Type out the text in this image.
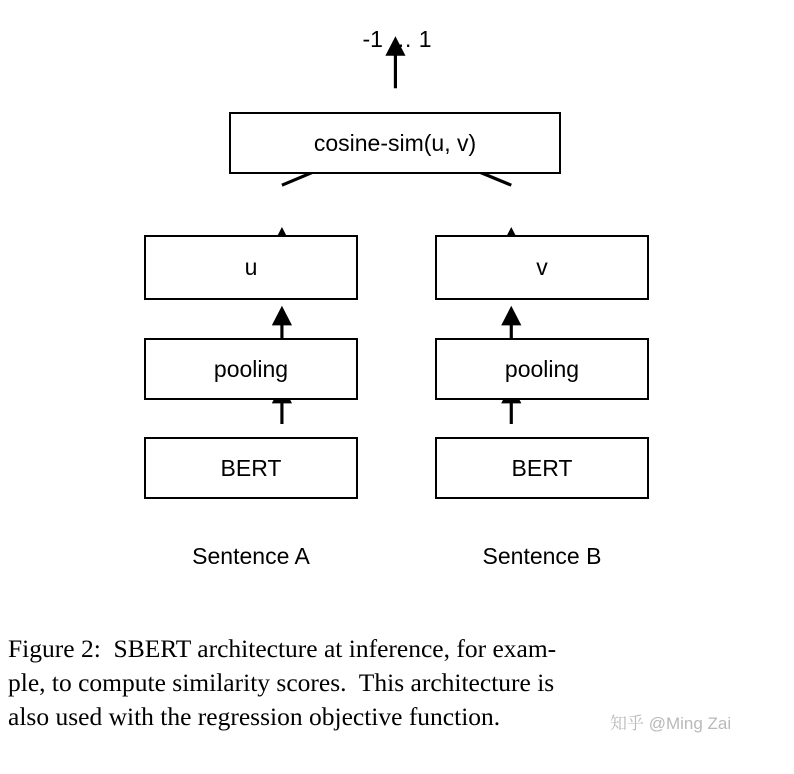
-1 … 1
cosine-sim(u, v)
u	v
pooling	pooling
BERT	BERT
Sentence A	Sentence B
Figure 2:  SBERT architecture at inference, for exam-
ple, to compute similarity scores.  This architecture is
also used with the regression objective function.	知乎 @Ming Zai
